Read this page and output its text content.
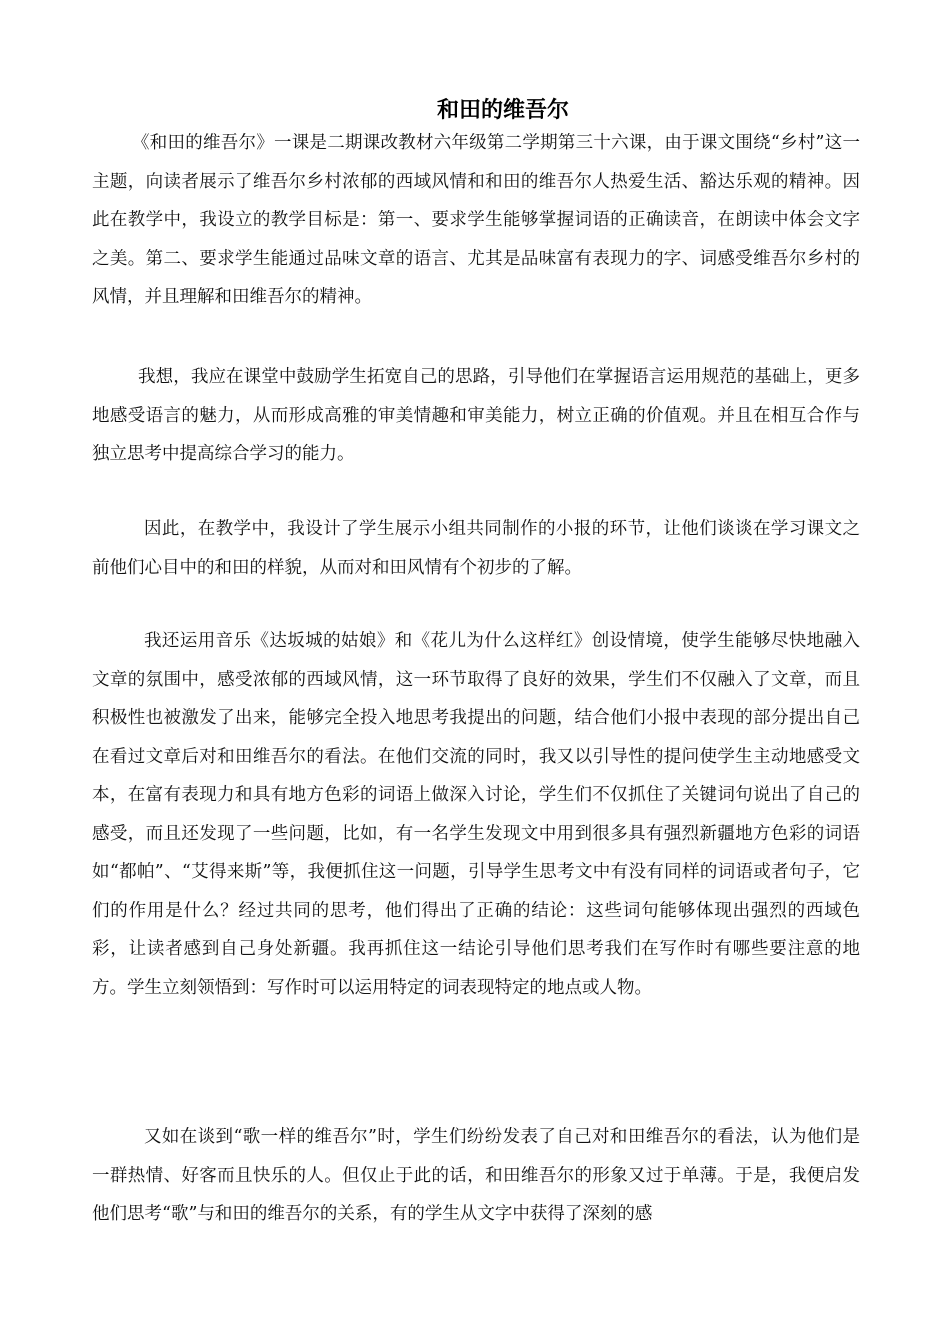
和田的维吾尔

《和田的维吾尔》一课是二期课改教材六年级第二学期第三十六课，由于课文围绕“乡村”这一主题，向读者展示了维吾尔乡村浓郁的西域风情和和田的维吾尔人热爱生活、豁达乐观的精神。因此在教学中，我设立的教学目标是：第一、要求学生能够掌握词语的正确读音，在朗读中体会文字之美。第二、要求学生能通过品味文章的语言、尤其是品味富有表现力的字、词感受维吾尔乡村的风情，并且理解和田维吾尔的精神。

我想，我应在课堂中鼓励学生拓宽自己的思路，引导他们在掌握语言运用规范的基础上，更多地感受语言的魅力，从而形成高雅的审美情趣和审美能力，树立正确的价值观。并且在相互合作与独立思考中提高综合学习的能力。

因此，在教学中，我设计了学生展示小组共同制作的小报的环节，让他们谈谈在学习课文之前他们心目中的和田的样貌，从而对和田风情有个初步的了解。

我还运用音乐《达坂城的姑娘》和《花儿为什么这样红》创设情境，使学生能够尽快地融入文章的氛围中，感受浓郁的西域风情，这一环节取得了良好的效果，学生们不仅融入了文章，而且积极性也被激发了出来，能够完全投入地思考我提出的问题，结合他们小报中表现的部分提出自己在看过文章后对和田维吾尔的看法。在他们交流的同时，我又以引导性的提问使学生主动地感受文本，在富有表现力和具有地方色彩的词语上做深入讨论，学生们不仅抓住了关键词句说出了自己的感受，而且还发现了一些问题，比如，有一名学生发现文中用到很多具有强烈新疆地方色彩的词语如“都帕”、“艾得来斯”等，我便抓住这一问题，引导学生思考文中有没有同样的词语或者句子，它们的作用是什么？经过共同的思考，他们得出了正确的结论：这些词句能够体现出强烈的西域色彩，让读者感到自己身处新疆。我再抓住这一结论引导他们思考我们在写作时有哪些要注意的地方。学生立刻领悟到：写作时可以运用特定的词表现特定的地点或人物。

又如在谈到“歌一样的维吾尔”时，学生们纷纷发表了自己对和田维吾尔的看法，认为他们是一群热情、好客而且快乐的人。但仅止于此的话，和田维吾尔的形象又过于单薄。于是，我便启发他们思考“歌”与和田的维吾尔的关系，有的学生从文字中获得了深刻的感
